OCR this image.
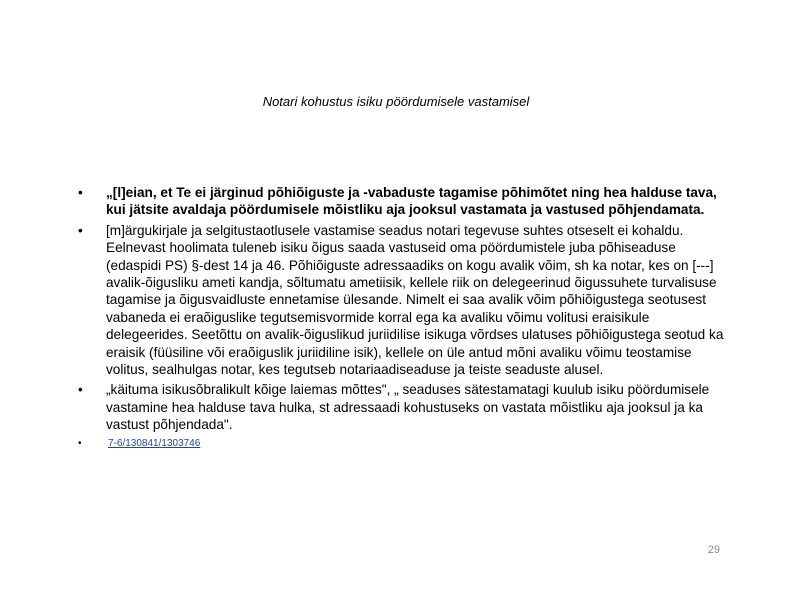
Notari kohustus isiku pöördumisele vastamisel
•	„[l]eian, et Te ei järginud põhiõiguste ja -vabaduste tagamise põhimõtet ning hea halduse tava, kui jätsite avaldaja pöördumisele mõistliku aja jooksul vastamata ja vastused põhjendamata.
•	[m]ärgukirjale ja selgitustaotlusele vastamise seadus notari tegevuse suhtes otseselt ei kohaldu. Eelnevast hoolimata tuleneb isiku õigus saada vastuseid oma pöördumistele juba põhiseaduse (edaspidi PS) §-dest 14 ja 46. Põhiõiguste adressaadiks on kogu avalik võim, sh ka notar, kes on [---] avalik-õigusliku ameti kandja, sõltumatu ametiisik, kellele riik on delegeerinud õigussuhete turvalisuse tagamise ja õigusvaidluste ennetamise ülesande. Nimelt ei saa avalik võim põhiõigustega seotusest vabaneda ei eraõiguslike tegutsemisvormide korral ega ka avaliku võimu volitusi eraisikule delegeerides. Seetõttu on avalik-õiguslikud juriidilise isikuga võrdses ulatuses põhiõigustega seotud ka eraisik (füüsiline või eraõiguslik juriidiline isik), kellele on üle antud mõni avaliku võimu teostamise volitus, sealhulgas notar, kes tegutseb notariaadiseaduse ja teiste seaduste alusel.
•	„käituma isikusõbralikult kõige laiemas mõttes", „ seaduses sätestamatagi kuulub isiku pöördumisele vastamine hea halduse tava hulka, st adressaadi kohustuseks on vastata mõistliku aja jooksul ja ka vastust põhjendada".
•	7-6/130841/1303746
29
